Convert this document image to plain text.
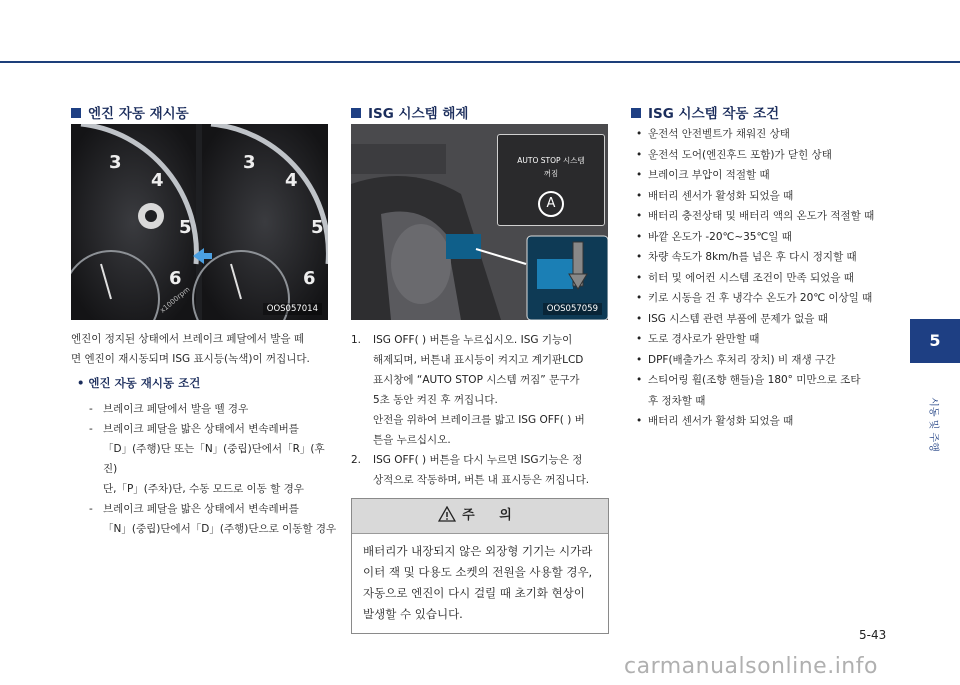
엔진 자동 재시동
3
4
5
6
3
4
5
6
x1000rpm	OOS057014
엔진이 정지된 상태에서 브레이크 페달에서 발을 떼
면 엔진이 재시동되며 ISG 표시등(녹색)이 꺼집니다.
• 엔진 자동 재시동 조건
- 브레이크 페달에서 발을 뗄 경우
- 브레이크 페달을 밟은 상태에서 변속레버를
「D」(주행)단 또는「N」(중립)단에서「R」(후진)
단,「P」(주차)단, 수동 모드로 이동 할 경우
- 브레이크 페달을 밟은 상태에서 변속레버를
「N」(중립)단에서「D」(주행)단으로 이동할 경우
ISG 시스템 해제
AUTO STOP 시스템
꺼짐
A
OOS057059
1. ISG OFF( ) 버튼을 누르십시오. ISG 기능이
해제되며, 버튼내 표시등이 켜지고 계기판LCD
표시창에 “AUTO STOP 시스템 꺼짐” 문구가
5초 동안 켜진 후 꺼집니다.
안전을 위하여 브레이크를 밟고 ISG OFF( ) 버
튼을 누르십시오.
2. ISG OFF( ) 버튼을 다시 누르면 ISG기능은 정
상적으로 작동하며, 버튼 내 표시등은 꺼집니다.
주 의
배터리가 내장되지 않은 외장형 기기는 시가라
이터 잭 및 다용도 소켓의 전원을 사용할 경우,
자동으로 엔진이 다시 걸릴 때 초기화 현상이
발생할 수 있습니다.
ISG 시스템 작동 조건
• 운전석 안전벨트가 채워진 상태
• 운전석 도어(엔진후드 포함)가 닫힌 상태
• 브레이크 부압이 적절할 때
• 배터리 센서가 활성화 되었을 때
• 배터리 충전상태 및 배터리 액의 온도가 적절할 때
• 바깥 온도가 -20℃~35℃일 때
• 차량 속도가 8km/h를 넘은 후 다시 정지할 때
• 히터 및 에어컨 시스템 조건이 만족 되었을 때
• 키로 시동을 건 후 냉각수 온도가 20℃ 이상일 때
• ISG 시스템 관련 부품에 문제가 없을 때
• 도로 경사로가 완만할 때
• DPF(배출가스 후처리 장치) 비 재생 구간
• 스티어링 휠(조향 핸들)을 180° 미만으로 조타
후 정차할 때
• 배터리 센서가 활성화 되었을 때
5
시동 및 주행
5-43
carmanualsonline.info
